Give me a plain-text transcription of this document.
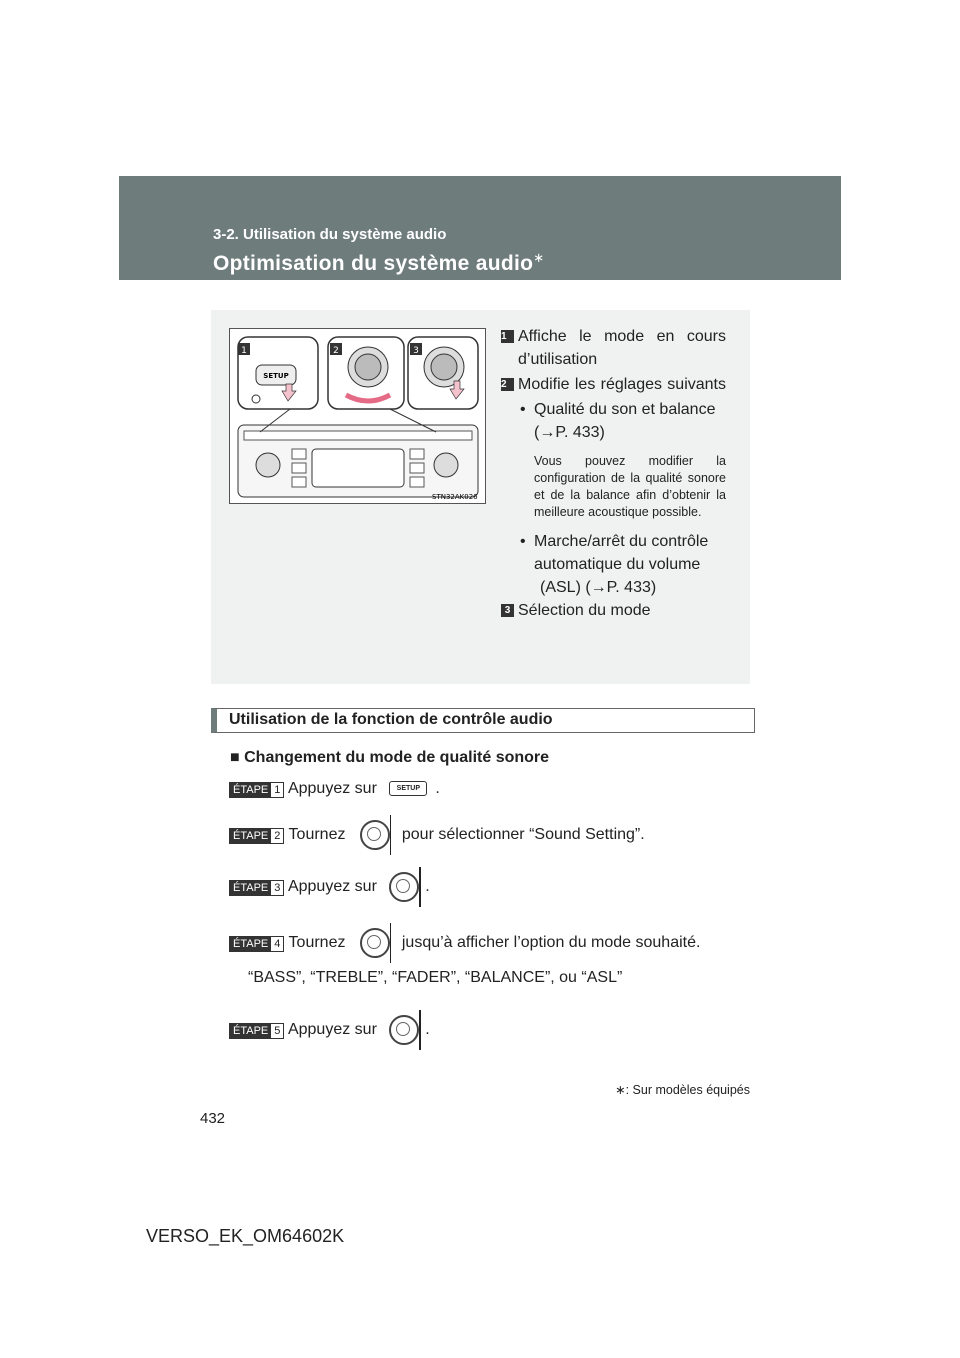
3-2. Utilisation du système audio
Optimisation du système audio∗
SETUP
1	2	3
STN32AK026
1 Affiche le mode en cours d’utilisation
2 Modifie les réglages suivants
• Qualité du son et balance
(→P. 433)
Vous pouvez modifier la configuration de la qualité sonore et de la balance afin d’obtenir la meilleure acoustique possible.
• Marche/arrêt du contrôle automatique du volume
(ASL) (→P. 433)
3 Sélection du mode
Utilisation de la fonction de contrôle audio
■ Changement du mode de qualité sonore
ÉTAPE 1 Appuyez sur	SETUP .
ÉTAPE 2 Tournez	pour sélectionner “Sound Setting”.
ÉTAPE 3 Appuyez sur	.
ÉTAPE 4 Tournez	jusqu’à afficher l’option du mode souhaité.
“BASS”, “TREBLE”, “FADER”, “BALANCE”, ou “ASL”
ÉTAPE 5 Appuyez sur	.
∗: Sur modèles équipés
432
VERSO_EK_OM64602K
